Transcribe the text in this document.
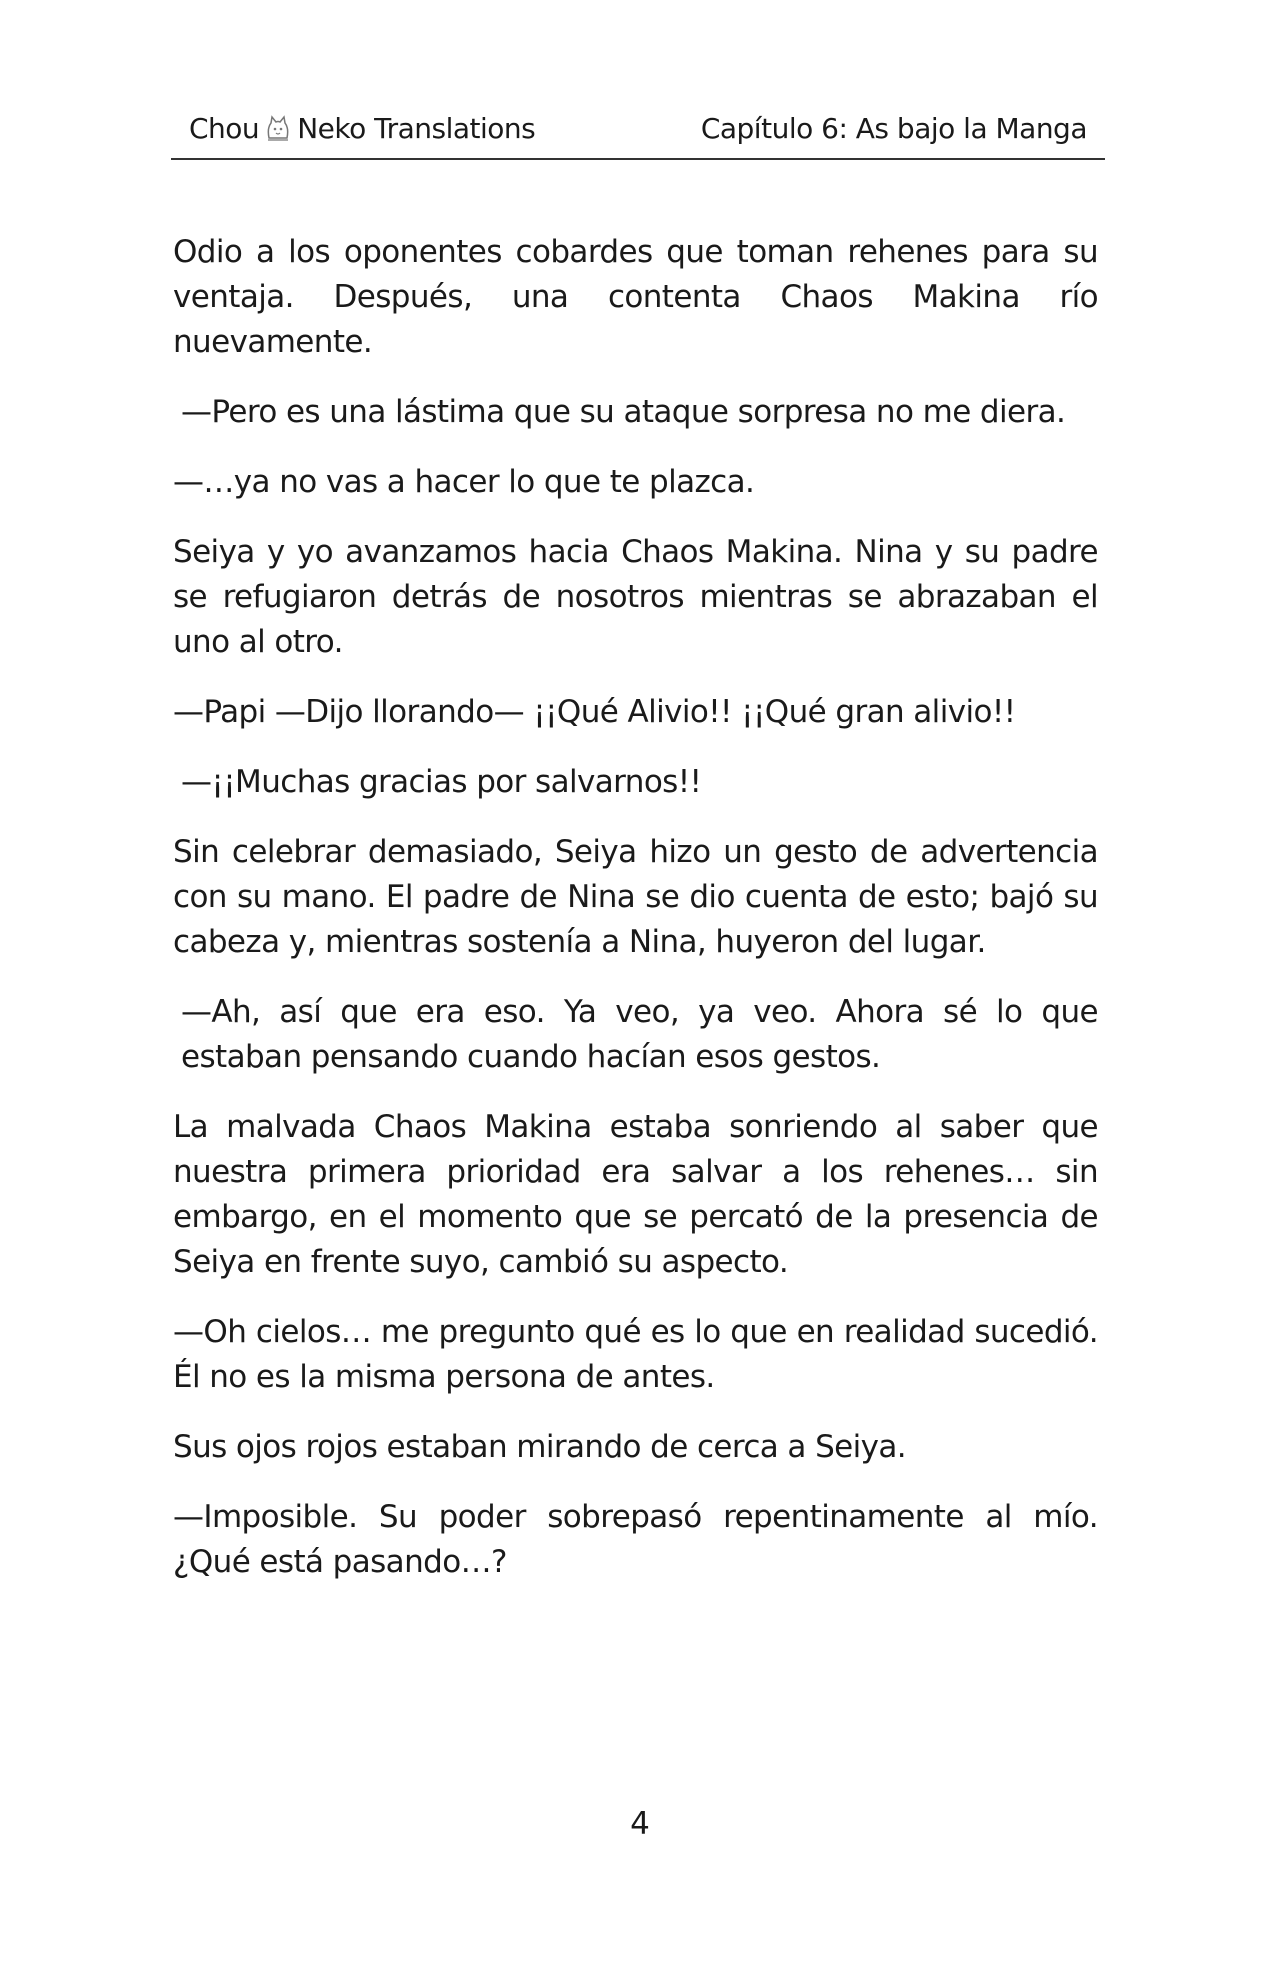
Chou Neko Translations	Capítulo 6: As bajo la Manga

Odio a los oponentes cobardes que toman rehenes para su ventaja. Después, una contenta Chaos Makina río nuevamente.

—Pero es una lástima que su ataque sorpresa no me diera.

—…ya no vas a hacer lo que te plazca.

Seiya y yo avanzamos hacia Chaos Makina. Nina y su padre se refugiaron detrás de nosotros mientras se abrazaban el uno al otro.

—Papi —Dijo llorando— ¡¡Qué Alivio!! ¡¡Qué gran alivio!!

—¡¡Muchas gracias por salvarnos!!

Sin celebrar demasiado, Seiya hizo un gesto de advertencia con su mano. El padre de Nina se dio cuenta de esto; bajó su cabeza y, mientras sostenía a Nina, huyeron del lugar.

—Ah, así que era eso. Ya veo, ya veo. Ahora sé lo que estaban pensando cuando hacían esos gestos.

La malvada Chaos Makina estaba sonriendo al saber que nuestra primera prioridad era salvar a los rehenes… sin embargo, en el momento que se percató de la presencia de Seiya en frente suyo, cambió su aspecto.

—Oh cielos… me pregunto qué es lo que en realidad sucedió. Él no es la misma persona de antes.

Sus ojos rojos estaban mirando de cerca a Seiya.

—Imposible. Su poder sobrepasó repentinamente al mío. ¿Qué está pasando…?

4
